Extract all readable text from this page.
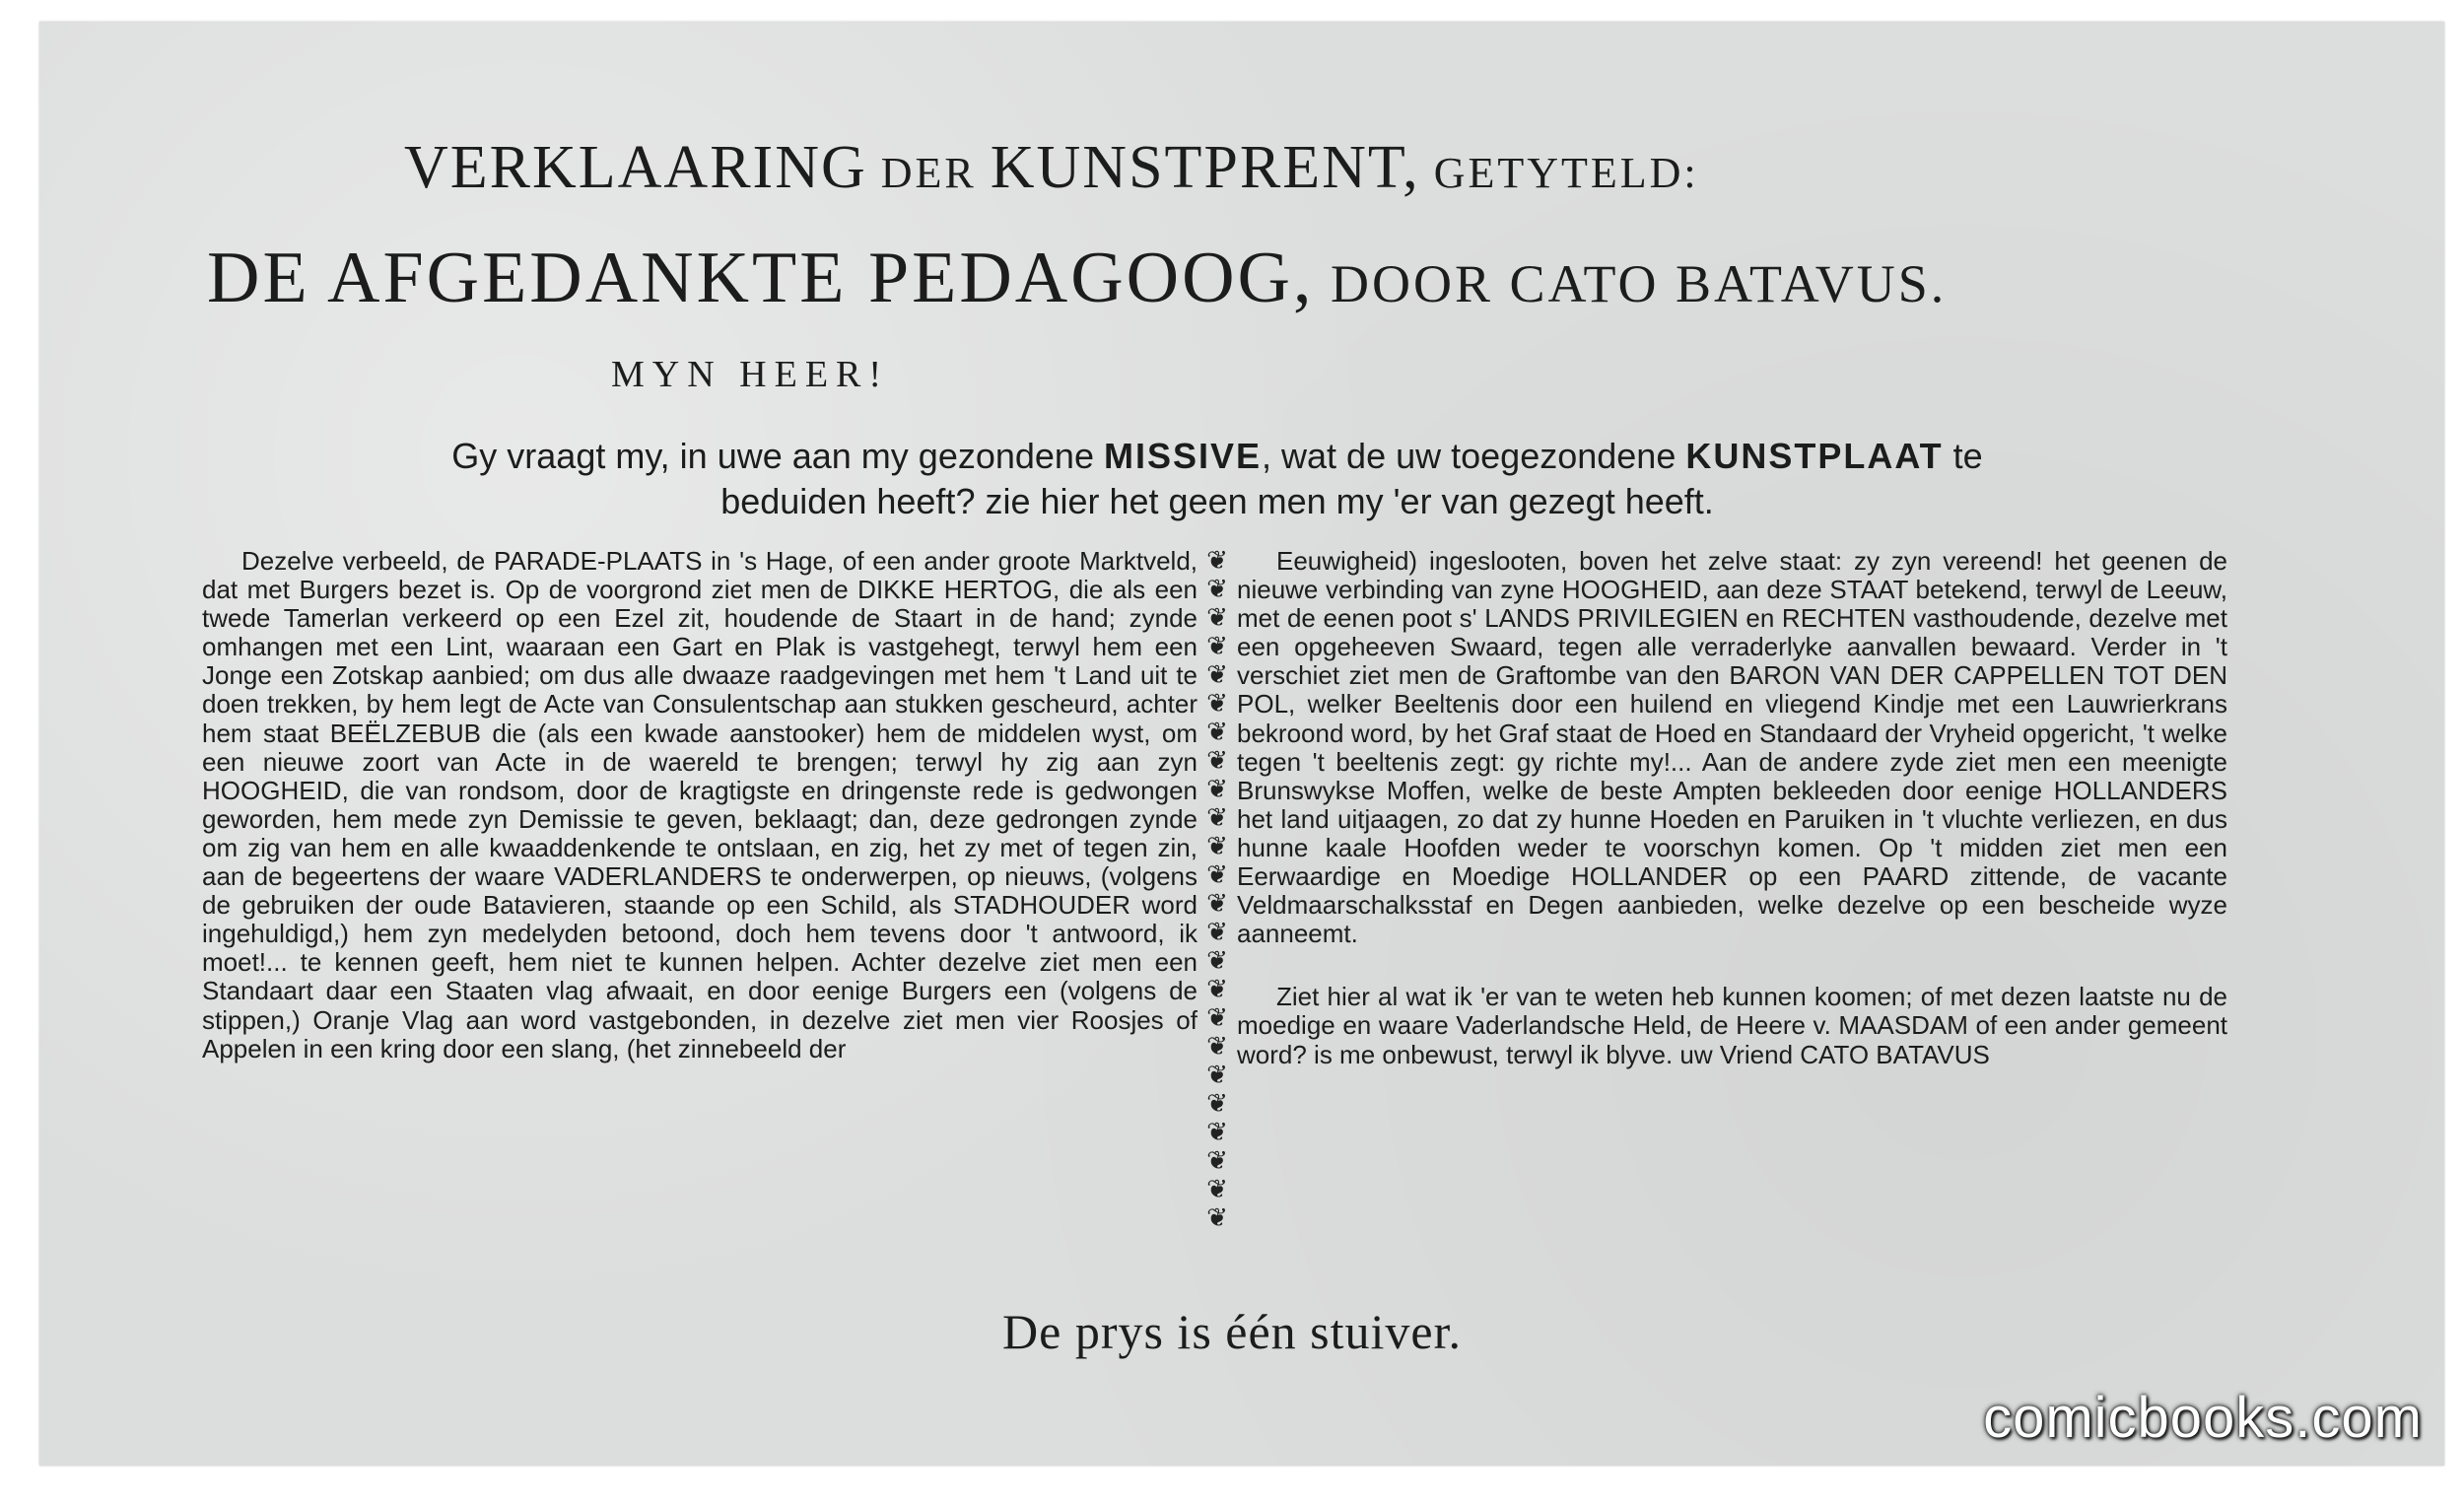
VERKLAARING DER KUNSTPRENT, GETYTELD:
DE AFGEDANKTE PEDAGOOG, DOOR CATO BATAVUS.
MYN HEER!
Gy vraagt my, in uwe aan my gezondene MISSIVE, wat de uw toegezondene KUNSTPLAAT te
beduiden heeft? zie hier het geen men my 'er van gezegt heeft.

Dezelve verbeeld, de PARADE-PLAATS in 's Hage, of een ander groote Marktveld, dat met Burgers bezet is. Op de voorgrond ziet men de DIKKE HERTOG, die als een twede Tamerlan verkeerd op een Ezel zit, houdende de Staart in de hand; zynde omhangen met een Lint, waaraan een Gart en Plak is vastgehegt, terwyl hem een Jonge een Zotskap aanbied; om dus alle dwaaze raadgevingen met hem 't Land uit te doen trekken, by hem legt de Acte van Consulentschap aan stukken gescheurd, achter hem staat BEËLZEBUB die (als een kwade aanstooker) hem de middelen wyst, om een nieuwe zoort van Acte in de waereld te brengen; terwyl hy zig aan zyn HOOGHEID, die van rondsom, door de kragtigste en dringenste rede is gedwongen geworden, hem mede zyn Demissie te geven, beklaagt; dan, deze gedrongen zynde om zig van hem en alle kwaaddenkende te ontslaan, en zig, het zy met of tegen zin, aan de begeertens der waare VADERLANDERS te onderwerpen, op nieuws, (volgens de gebruiken der oude Batavieren, staande op een Schild, als STADHOUDER word ingehuldigd,) hem zyn medelyden betoond, doch hem tevens door 't antwoord, ik moet!... te kennen geeft, hem niet te kunnen helpen. Achter dezelve ziet men een Standaart daar een Staaten vlag afwaait, en door eenige Burgers een (volgens de stippen,) Oranje Vlag aan word vastgebonden, in dezelve ziet men vier Roosjes of Appelen in een kring door een slang, (het zinnebeeld der

❦
❦
❦
❦
❦
❦
❦
❦
❦
❦
❦
❦
❦
❦
❦
❦
❦
❦
❦
❦
❦
❦
❦
❦

Eeuwigheid) ingeslooten, boven het zelve staat: zy zyn vereend! het geenen de nieuwe verbinding van zyne HOOGHEID, aan deze STAAT betekend, terwyl de Leeuw, met de eenen poot s' LANDS PRIVILEGIEN en RECHTEN vasthoudende, dezelve met een opgeheeven Swaard, tegen alle verraderlyke aanvallen bewaard. Verder in 't verschiet ziet men de Graftombe van den BARON VAN DER CAPPELLEN TOT DEN POL, welker Beeltenis door een huilend en vliegend Kindje met een Lauwrierkrans bekroond word, by het Graf staat de Hoed en Standaard der Vryheid opgericht, 't welke tegen 't beeltenis zegt: gy richte my!... Aan de andere zyde ziet men een meenigte Brunswykse Moffen, welke de beste Ampten bekleeden door eenige HOLLANDERS het land uitjaagen, zo dat zy hunne Hoeden en Paruiken in 't vluchte verliezen, en dus hunne kaale Hoofden weder te voorschyn komen. Op 't midden ziet men een Eerwaardige en Moedige HOLLANDER op een PAARD zittende, de vacante Veldmaarschalksstaf en Degen aanbieden, welke dezelve op een bescheide wyze aanneemt.

Ziet hier al wat ik 'er van te weten heb kunnen koomen; of met dezen laatste nu de moedige en waare Vaderlandsche Held, de Heere v. MAASDAM of een ander gemeent word? is me onbewust, terwyl ik blyve. uw Vriend CATO BATAVUS

De prys is één stuiver.
comicbooks.com
